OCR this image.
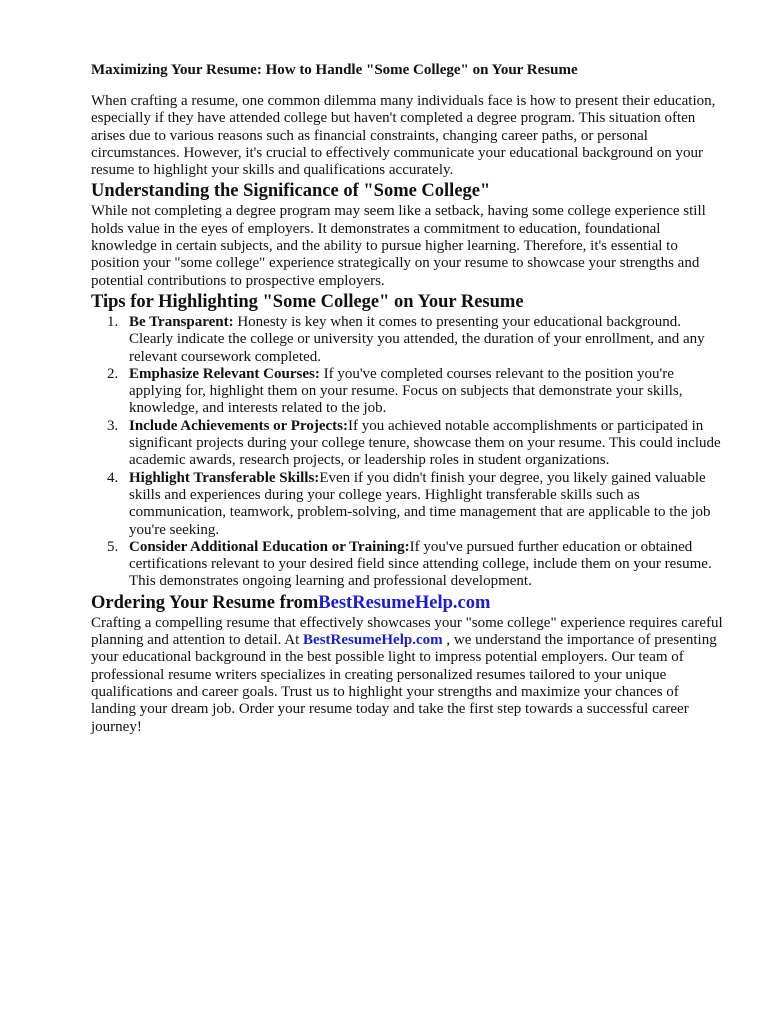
Maximizing Your Resume: How to Handle "Some College" on Your Resume

When crafting a resume, one common dilemma many individuals face is how to present their education, especially if they have attended college but haven't completed a degree program. This situation often arises due to various reasons such as financial constraints, changing career paths, or personal circumstances. However, it's crucial to effectively communicate your educational background on your resume to highlight your skills and qualifications accurately.

Understanding the Significance of "Some College"

While not completing a degree program may seem like a setback, having some college experience still holds value in the eyes of employers. It demonstrates a commitment to education, foundational knowledge in certain subjects, and the ability to pursue higher learning. Therefore, it's essential to position your "some college" experience strategically on your resume to showcase your strengths and potential contributions to prospective employers.

Tips for Highlighting "Some College" on Your Resume
1. Be Transparent: Honesty is key when it comes to presenting your educational background. Clearly indicate the college or university you attended, the duration of your enrollment, and any relevant coursework completed.
2. Emphasize Relevant Courses: If you've completed courses relevant to the position you're applying for, highlight them on your resume. Focus on subjects that demonstrate your skills, knowledge, and interests related to the job.
3. Include Achievements or Projects:If you achieved notable accomplishments or participated in significant projects during your college tenure, showcase them on your resume. This could include academic awards, research projects, or leadership roles in student organizations.
4. Highlight Transferable Skills:Even if you didn't finish your degree, you likely gained valuable skills and experiences during your college years. Highlight transferable skills such as communication, teamwork, problem-solving, and time management that are applicable to the job you're seeking.
5. Consider Additional Education or Training:If you've pursued further education or obtained certifications relevant to your desired field since attending college, include them on your resume. This demonstrates ongoing learning and professional development.
Ordering Your Resume fromBestResumeHelp.com

Crafting a compelling resume that effectively showcases your "some college" experience requires careful planning and attention to detail. At BestResumeHelp.com , we understand the importance of presenting your educational background in the best possible light to impress potential employers. Our team of professional resume writers specializes in creating personalized resumes tailored to your unique qualifications and career goals. Trust us to highlight your strengths and maximize your chances of landing your dream job. Order your resume today and take the first step towards a successful career journey!
